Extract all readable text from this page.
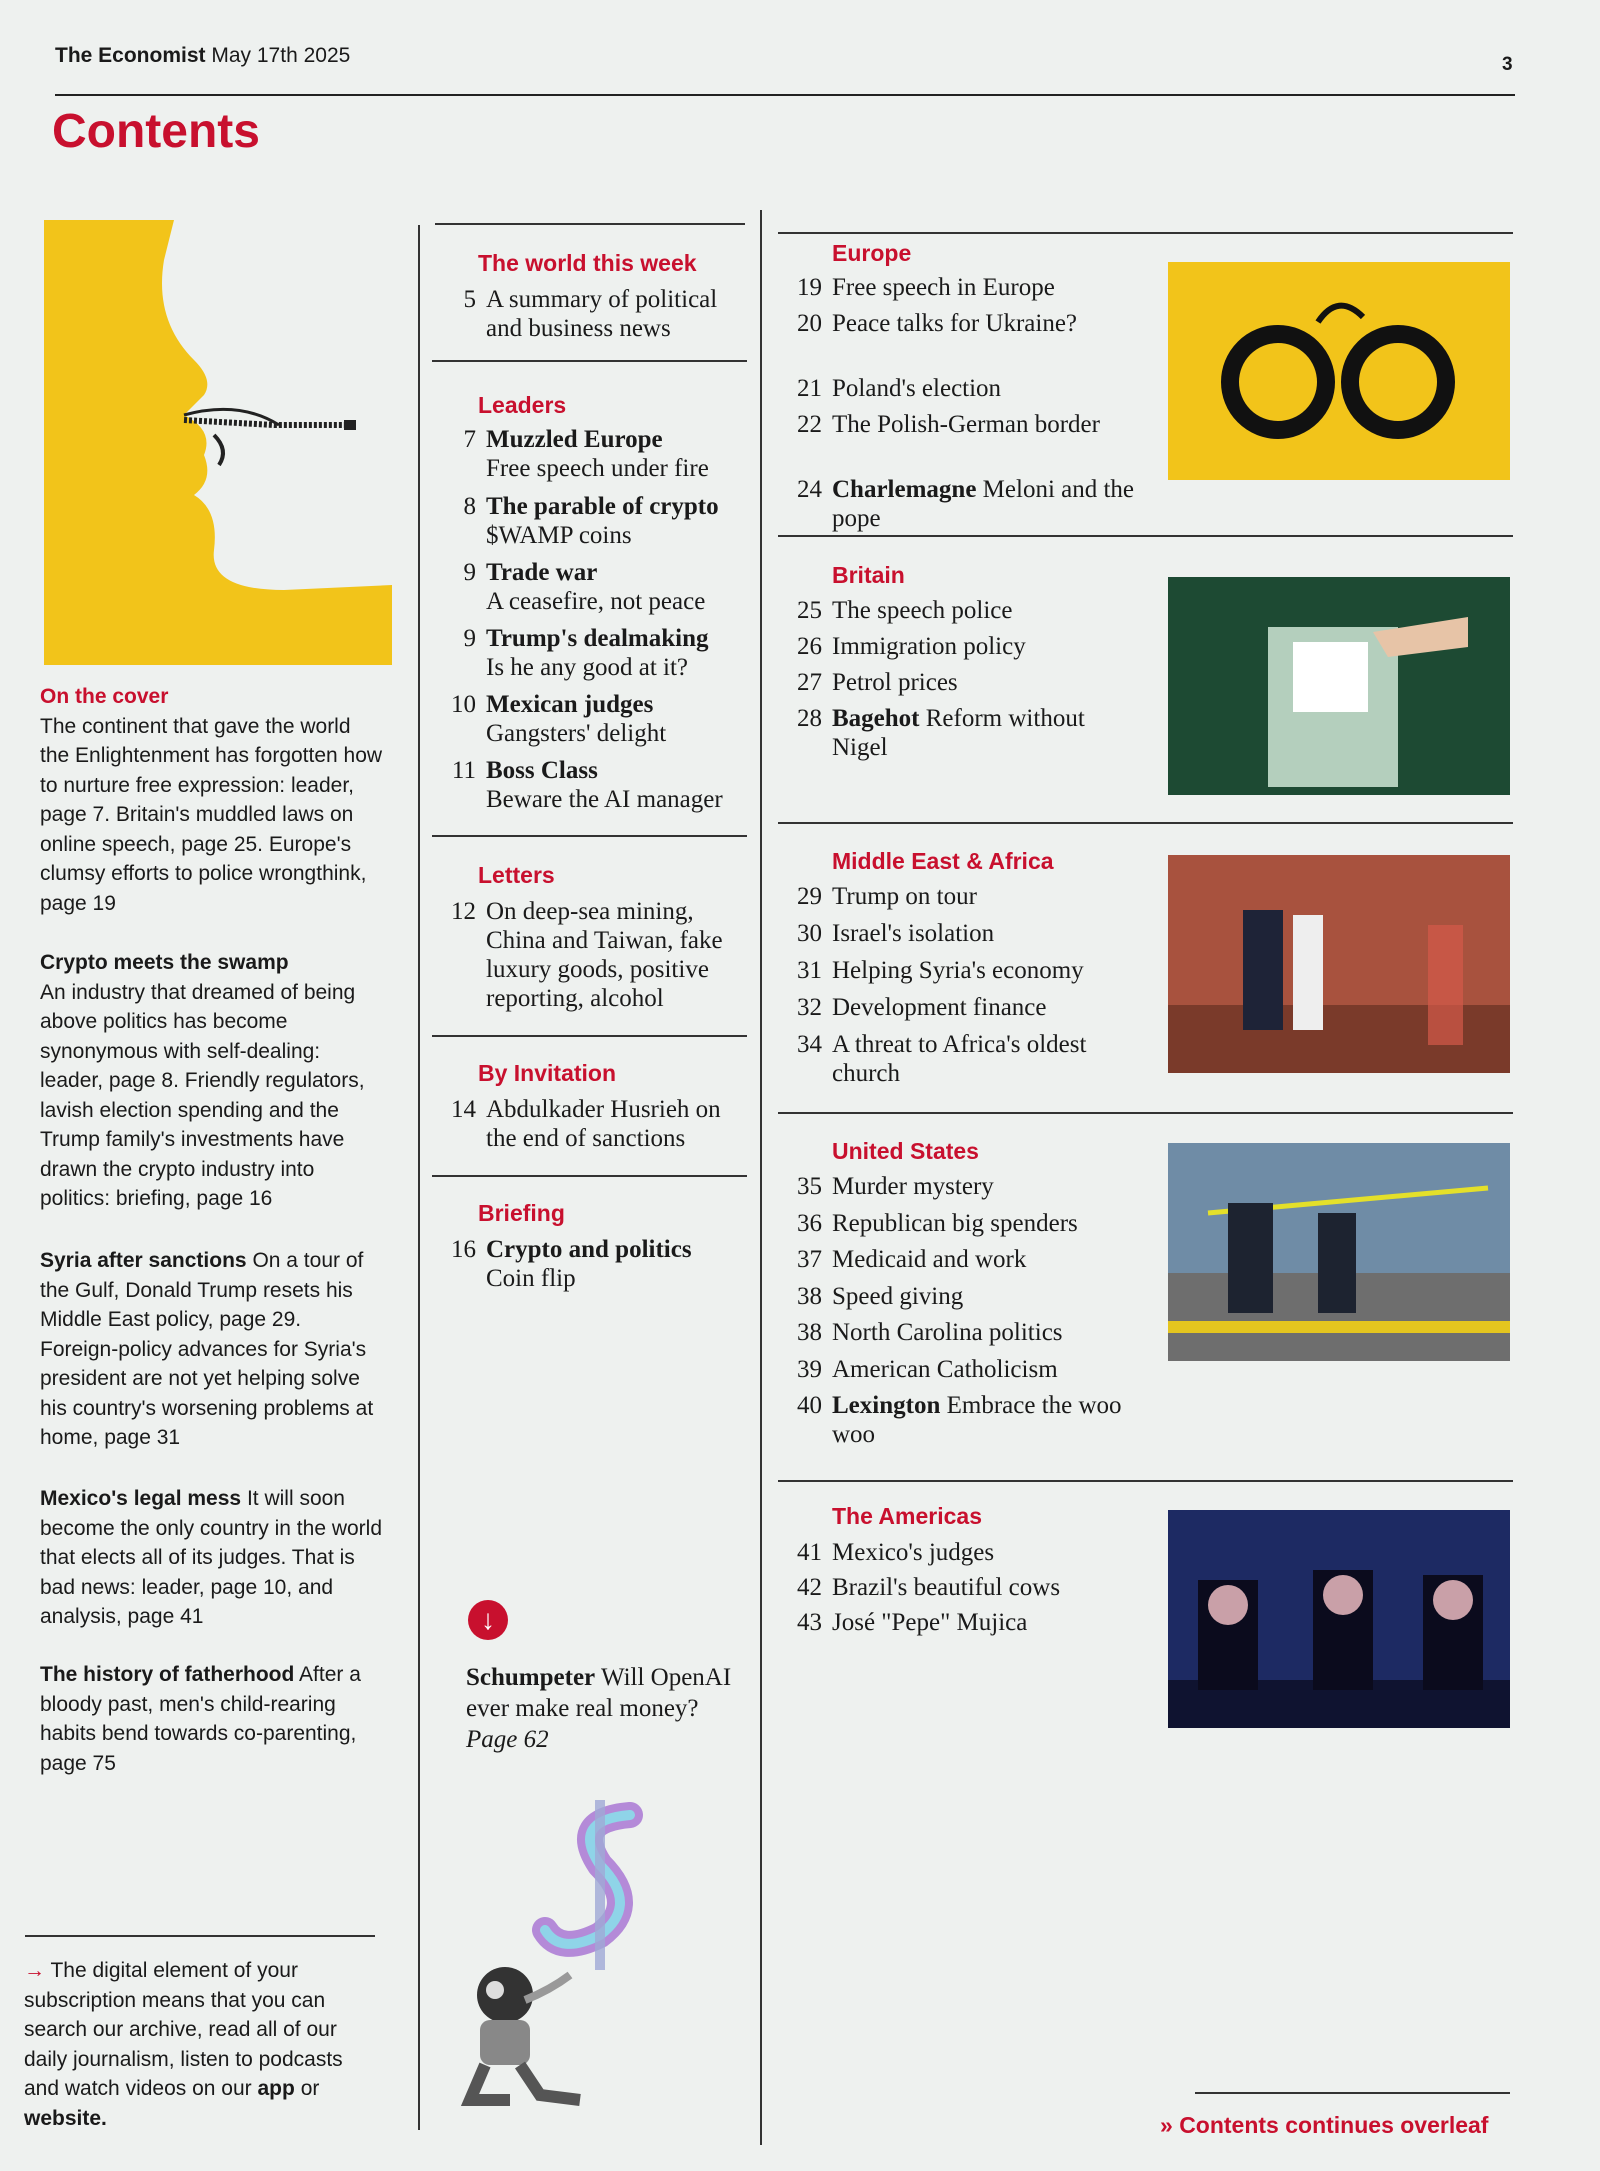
The Economist May 17th 2025	3
Contents
On the cover
The continent that gave the world the Enlightenment has forgotten how to nurture free expression: leader, page 7. Britain's muddled laws on online speech, page 25. Europe's clumsy efforts to police wrongthink, page 19
Crypto meets the swamp
An industry that dreamed of being above politics has become synonymous with self-dealing: leader, page 8. Friendly regulators, lavish election spending and the Trump family's investments have drawn the crypto industry into politics: briefing, page 16
Syria after sanctions On a tour of the Gulf, Donald Trump resets his Middle East policy, page 29. Foreign-policy advances for Syria's president are not yet helping solve his country's worsening problems at home, page 31
Mexico's legal mess It will soon become the only country in the world that elects all of its judges. That is bad news: leader, page 10, and analysis, page 41
The history of fatherhood After a bloody past, men's child-rearing habits bend towards co-parenting, page 75
→ The digital element of your subscription means that you can search our archive, read all of our daily journalism, listen to podcasts and watch videos on our app or website.
The world this week
5 A summary of political and business news
Leaders
7 Muzzled Europe
Free speech under fire
8 The parable of crypto
$WAMP coins
9 Trade war
A ceasefire, not peace
9 Trump's dealmaking
Is he any good at it?
10 Mexican judges
Gangsters' delight
11 Boss Class
Beware the AI manager
Letters
12 On deep-sea mining, China and Taiwan, fake luxury goods, positive reporting, alcohol
By Invitation
14 Abdulkader Husrieh on the end of sanctions
Briefing
16 Crypto and politics
Coin flip
↓
Schumpeter Will OpenAI ever make real money?
Page 62
Europe
19 Free speech in Europe
20 Peace talks for Ukraine?
21 Poland's election
22 The Polish-German border
24 Charlemagne Meloni and the pope
Britain
25 The speech police
26 Immigration policy
27 Petrol prices
28 Bagehot Reform without Nigel
Middle East & Africa
29 Trump on tour
30 Israel's isolation
31 Helping Syria's economy
32 Development finance
34 A threat to Africa's oldest church
United States
35 Murder mystery
36 Republican big spenders
37 Medicaid and work
38 Speed giving
38 North Carolina politics
39 American Catholicism
40 Lexington Embrace the woo woo
The Americas
41 Mexico's judges
42 Brazil's beautiful cows
43 José "Pepe" Mujica
» Contents continues overleaf
